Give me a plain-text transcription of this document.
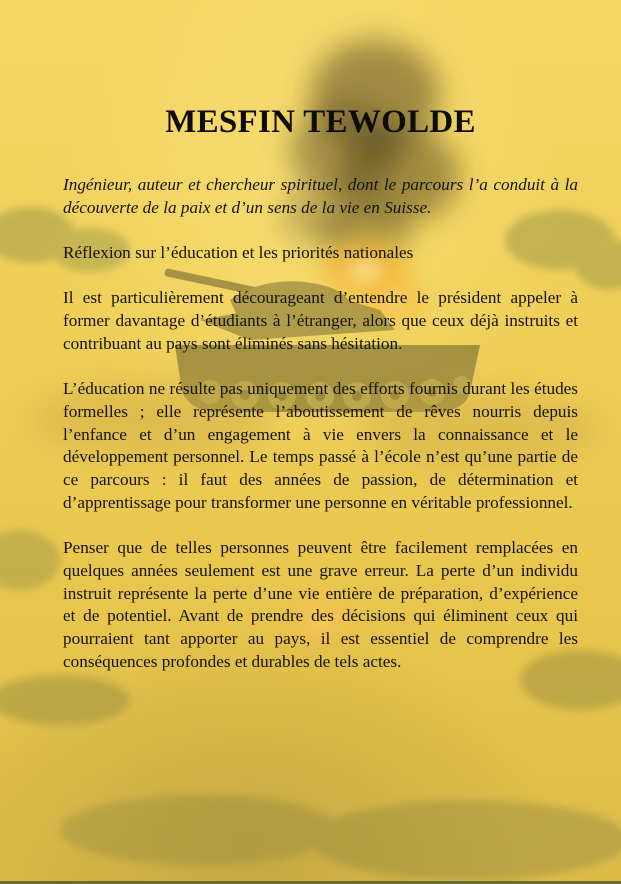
MESFIN TEWOLDE

Ingénieur, auteur et chercheur spirituel, dont le parcours l’a conduit à la découverte de la paix et d’un sens de la vie en Suisse.

Réflexion sur l’éducation et les priorités nationales

Il est particulièrement décourageant d’entendre le président appeler à former davantage d’étudiants à l’étranger, alors que ceux déjà instruits et contribuant au pays sont éliminés sans hésitation.

L’éducation ne résulte pas uniquement des efforts fournis durant les études formelles ; elle représente l’aboutissement de rêves nourris depuis l’enfance et d’un engagement à vie envers la connaissance et le développement personnel. Le temps passé à l’école n’est qu’une partie de ce parcours : il faut des années de passion, de détermination et d’apprentissage pour transformer une personne en véritable professionnel.

Penser que de telles personnes peuvent être facilement remplacées en quelques années seulement est une grave erreur. La perte d’un individu instruit représente la perte d’une vie entière de préparation, d’expérience et de potentiel. Avant de prendre des décisions qui éliminent ceux qui pourraient tant apporter au pays, il est essentiel de comprendre les conséquences profondes et durables de tels actes.
